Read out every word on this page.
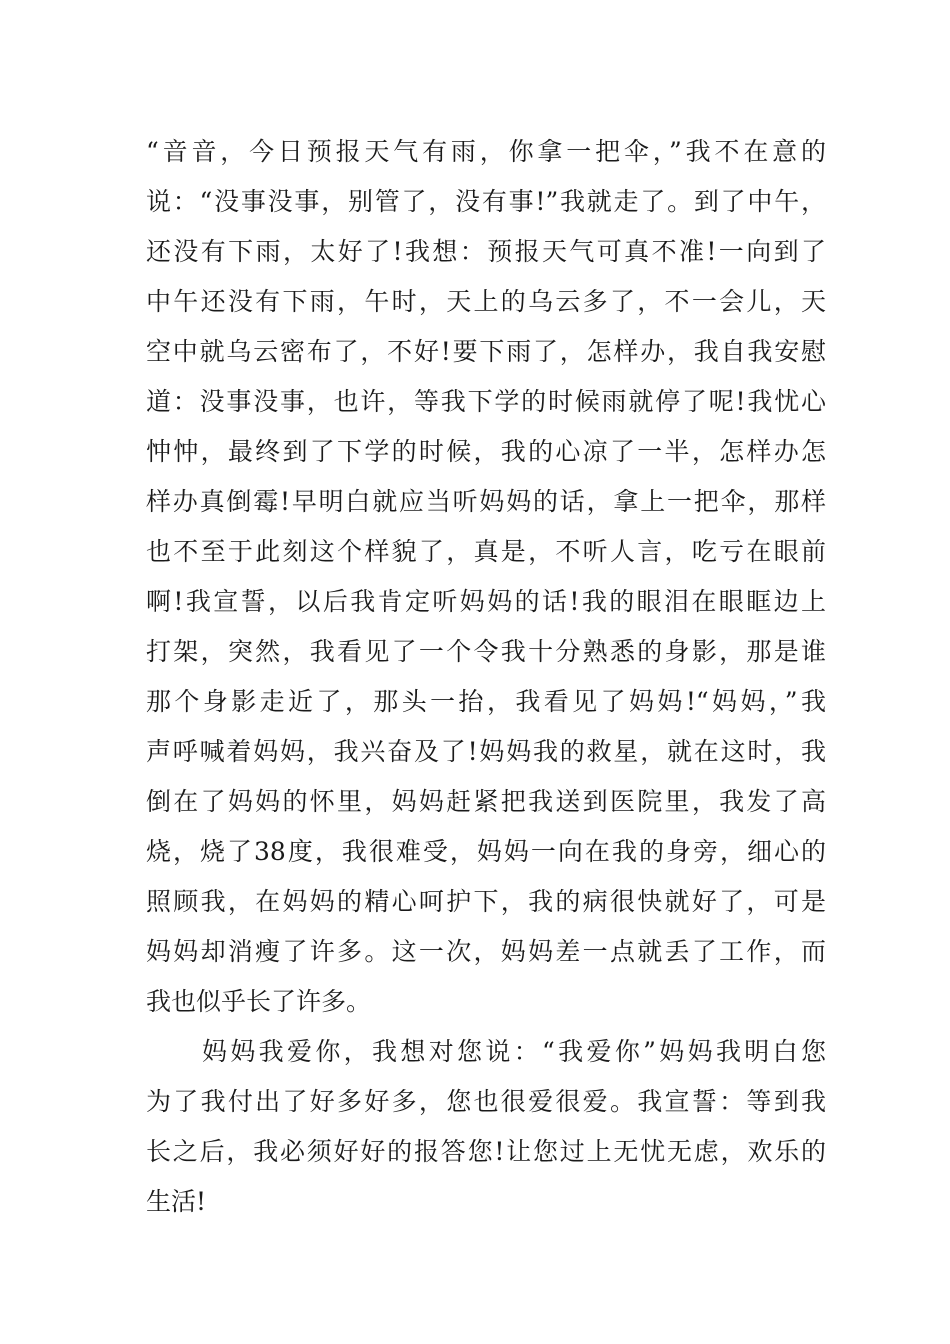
“音音，今日预报天气有雨，你拿一把伞，”我不在意的
说：“没事没事，别管了，没有事!”我就走了。到了中午，
还没有下雨，太好了!我想：预报天气可真不准!一向到了
中午还没有下雨，午时，天上的乌云多了，不一会儿，天
空中就乌云密布了，不好!要下雨了，怎样办，我自我安慰
道：没事没事，也许，等我下学的时候雨就停了呢!我忧心
忡忡，最终到了下学的时候，我的心凉了一半，怎样办怎
样办真倒霉!早明白就应当听妈妈的话，拿上一把伞，那样
也不至于此刻这个样貌了，真是，不听人言，吃亏在眼前
啊!我宣誓，以后我肯定听妈妈的话!我的眼泪在眼眶边上
打架，突然，我看见了一个令我十分熟悉的身影，那是谁
那个身影走近了，那头一抬，我看见了妈妈!“妈妈，”我
声呼喊着妈妈，我兴奋及了!妈妈我的救星，就在这时，我
倒在了妈妈的怀里，妈妈赶紧把我送到医院里，我发了高
烧，烧了38度，我很难受，妈妈一向在我的身旁，细心的
照顾我，在妈妈的精心呵护下，我的病很快就好了，可是
妈妈却消瘦了许多。这一次，妈妈差一点就丢了工作，而
我也似乎长了许多。
妈妈我爱你，我想对您说：“我爱你”妈妈我明白您
为了我付出了好多好多，您也很爱很爱。我宣誓：等到我
长之后，我必须好好的报答您!让您过上无忧无虑，欢乐的
生活!
